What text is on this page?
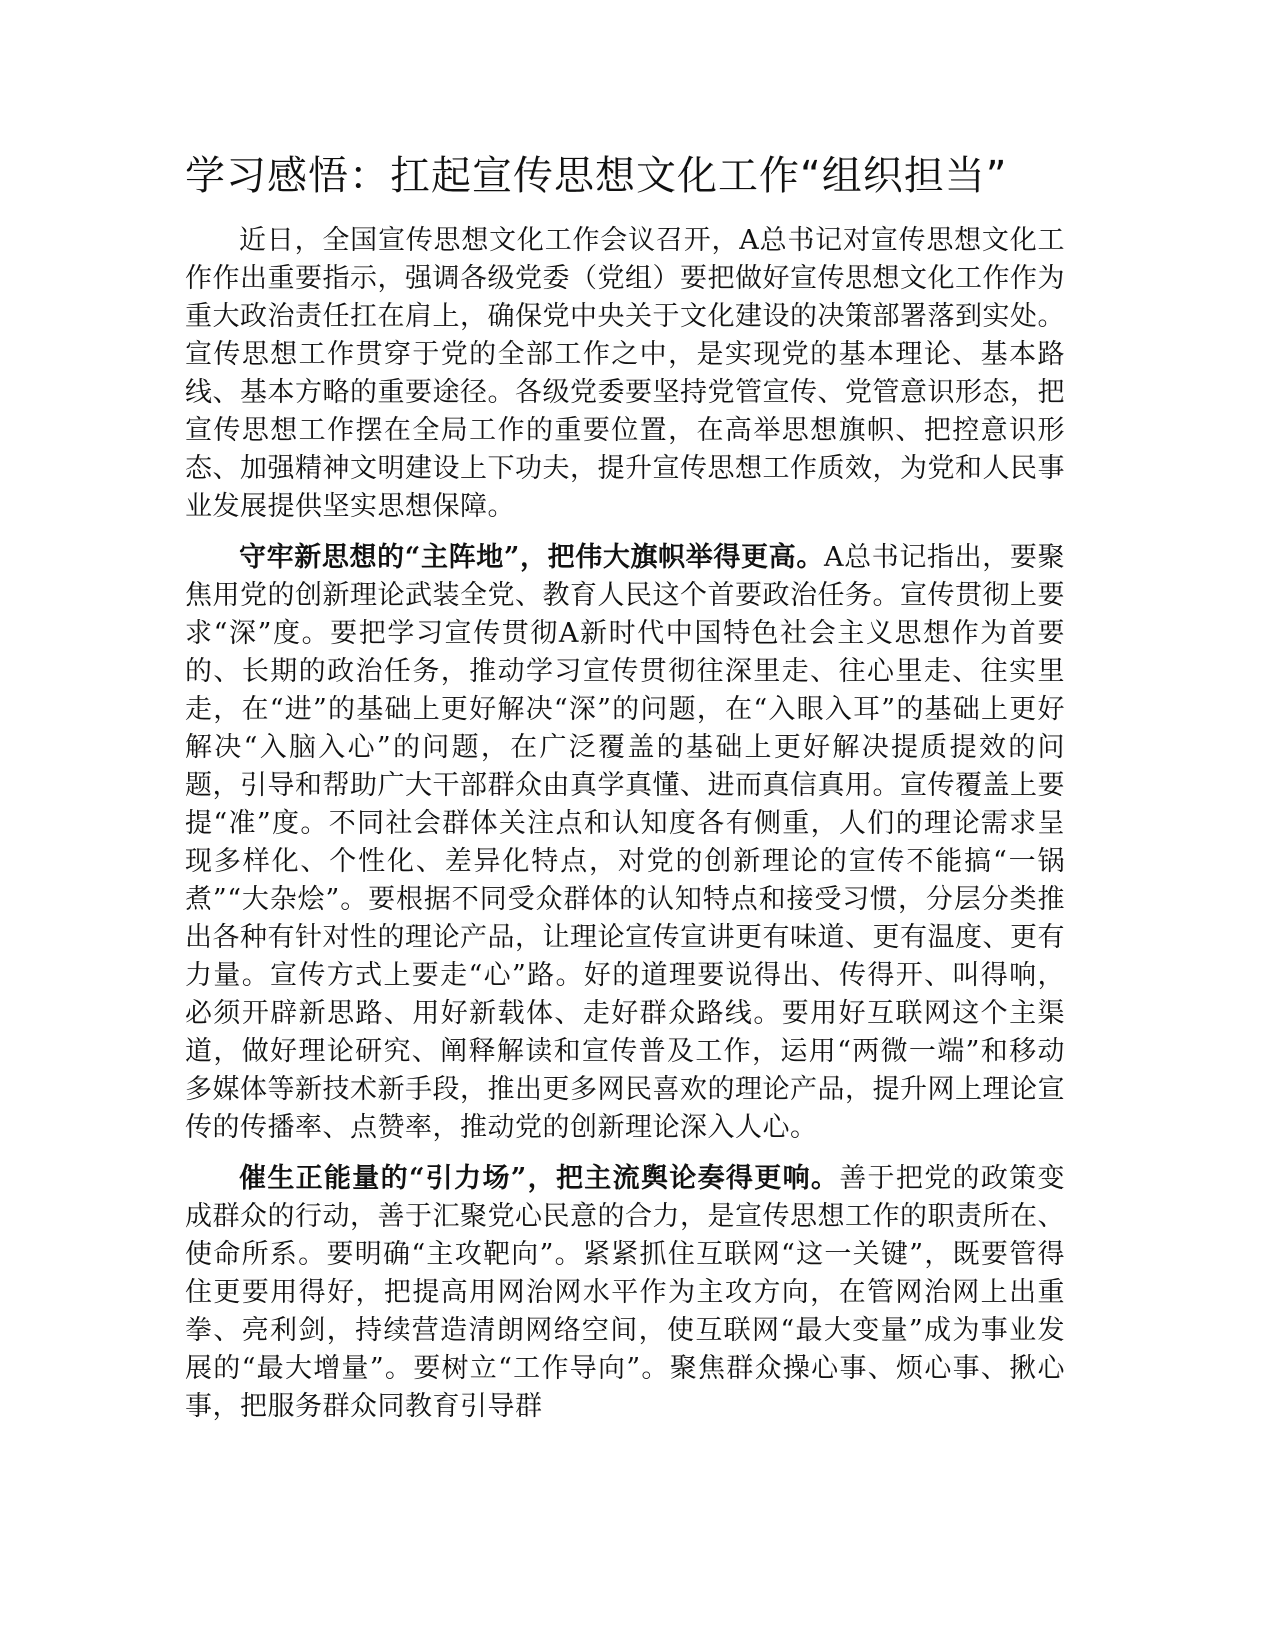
学习感悟：扛起宣传思想文化工作“组织担当”

近日，全国宣传思想文化工作会议召开，A总书记对宣传思想文化工作作出重要指示，强调各级党委（党组）要把做好宣传思想文化工作作为重大政治责任扛在肩上，确保党中央关于文化建设的决策部署落到实处。宣传思想工作贯穿于党的全部工作之中，是实现党的基本理论、基本路线、基本方略的重要途径。各级党委要坚持党管宣传、党管意识形态，把宣传思想工作摆在全局工作的重要位置，在高举思想旗帜、把控意识形态、加强精神文明建设上下功夫，提升宣传思想工作质效，为党和人民事业发展提供坚实思想保障。

守牢新思想的“主阵地”，把伟大旗帜举得更高。A总书记指出，要聚焦用党的创新理论武装全党、教育人民这个首要政治任务。宣传贯彻上要求“深”度。要把学习宣传贯彻A新时代中国特色社会主义思想作为首要的、长期的政治任务，推动学习宣传贯彻往深里走、往心里走、往实里走，在“进”的基础上更好解决“深”的问题，在“入眼入耳”的基础上更好解决“入脑入心”的问题，在广泛覆盖的基础上更好解决提质提效的问题，引导和帮助广大干部群众由真学真懂、进而真信真用。宣传覆盖上要提“准”度。不同社会群体关注点和认知度各有侧重，人们的理论需求呈现多样化、个性化、差异化特点，对党的创新理论的宣传不能搞“一锅煮”“大杂烩”。要根据不同受众群体的认知特点和接受习惯，分层分类推出各种有针对性的理论产品，让理论宣传宣讲更有味道、更有温度、更有力量。宣传方式上要走“心”路。好的道理要说得出、传得开、叫得响，必须开辟新思路、用好新载体、走好群众路线。要用好互联网这个主渠道，做好理论研究、阐释解读和宣传普及工作，运用“两微一端”和移动多媒体等新技术新手段，推出更多网民喜欢的理论产品，提升网上理论宣传的传播率、点赞率，推动党的创新理论深入人心。

催生正能量的“引力场”，把主流舆论奏得更响。善于把党的政策变成群众的行动，善于汇聚党心民意的合力，是宣传思想工作的职责所在、使命所系。要明确“主攻靶向”。紧紧抓住互联网“这一关键”，既要管得住更要用得好，把提高用网治网水平作为主攻方向，在管网治网上出重拳、亮利剑，持续营造清朗网络空间，使互联网“最大变量”成为事业发展的“最大增量”。要树立“工作导向”。聚焦群众操心事、烦心事、揪心事，把服务群众同教育引导群
